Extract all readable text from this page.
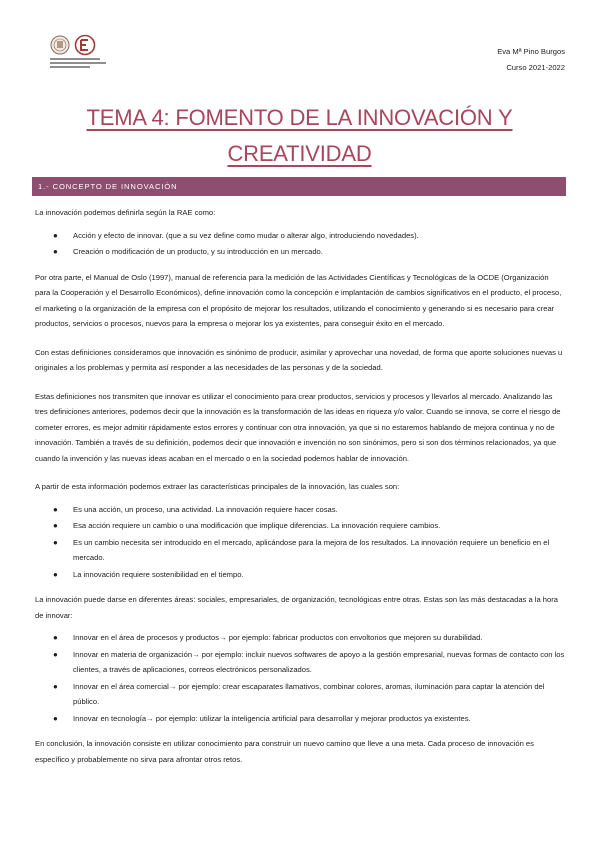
Eva Mª Pino Burgos
Curso 2021-2022
TEMA 4: FOMENTO DE LA INNOVACIÓN Y
CREATIVIDAD
1.- CONCEPTO DE INNOVACIÓN

La innovación podemos definirla según la RAE como:

● Acción y efecto de innovar. (que a su vez define como mudar o alterar algo, introduciendo novedades).
● Creación o modificación de un producto, y su introducción en un mercado.

Por otra parte, el Manual de Oslo (1997), manual de referencia para la medición de las Actividades Científicas y Tecnológicas de la OCDE (Organización para la Cooperación y el Desarrollo Económicos), define innovación como la concepción e implantación de cambios significativos en el producto, el proceso, el marketing o la organización de la empresa con el propósito de mejorar los resultados, utilizando el conocimiento y generando si es necesario para crear productos, servicios o procesos, nuevos para la empresa o mejorar los ya existentes, para conseguir éxito en el mercado.

Con estas definiciones consideramos que innovación es sinónimo de producir, asimilar y aprovechar una novedad, de forma que aporte soluciones nuevas u originales a los problemas y permita así responder a las necesidades de las personas y de la sociedad.

Estas definiciones nos transmiten que innovar es utilizar el conocimiento para crear productos, servicios y procesos y llevarlos al mercado. Analizando las tres definiciones anteriores, podemos decir que la innovación es la transformación de las ideas en riqueza y/o valor. Cuando se innova, se corre el riesgo de cometer errores, es mejor admitir rápidamente estos errores y continuar con otra innovación, ya que si no estaremos hablando de mejora continua y no de innovación. También a través de su definición, podemos decir que innovación e invención no son sinónimos, pero si son dos términos relacionados, ya que cuando la invención y las nuevas ideas acaban en el mercado o en la sociedad podemos hablar de innovación.

A partir de esta información podemos extraer las características principales de la innovación, las cuales son:

● Es una acción, un proceso, una actividad. La innovación requiere hacer cosas.
● Esa acción requiere un cambio o una modificación que implique diferencias. La innovación requiere cambios.
● Es un cambio necesita ser introducido en el mercado, aplicándose para la mejora de los resultados. La innovación requiere un beneficio en el mercado.
● La innovación requiere sostenibilidad en el tiempo.

La innovación puede darse en diferentes áreas: sociales, empresariales, de organización, tecnológicas entre otras. Estas son las más destacadas a la hora de innovar:

● Innovar en el área de procesos y productos→ por ejemplo: fabricar productos con envoltorios que mejoren su durabilidad.
● Innovar en materia de organización→ por ejemplo: incluir nuevos softwares de apoyo a la gestión empresarial, nuevas formas de contacto con los clientes, a través de aplicaciones, correos electrónicos personalizados.
● Innovar en el área comercial→ por ejemplo: crear escaparates llamativos, combinar colores, aromas, iluminación para captar la atención del público.
● Innovar en tecnología→ por ejemplo: utilizar la inteligencia artificial para desarrollar y mejorar productos ya existentes.

En conclusión, la innovación consiste en utilizar conocimiento para construir un nuevo camino que lleve a una meta. Cada proceso de innovación es específico y probablemente no sirva para afrontar otros retos.
